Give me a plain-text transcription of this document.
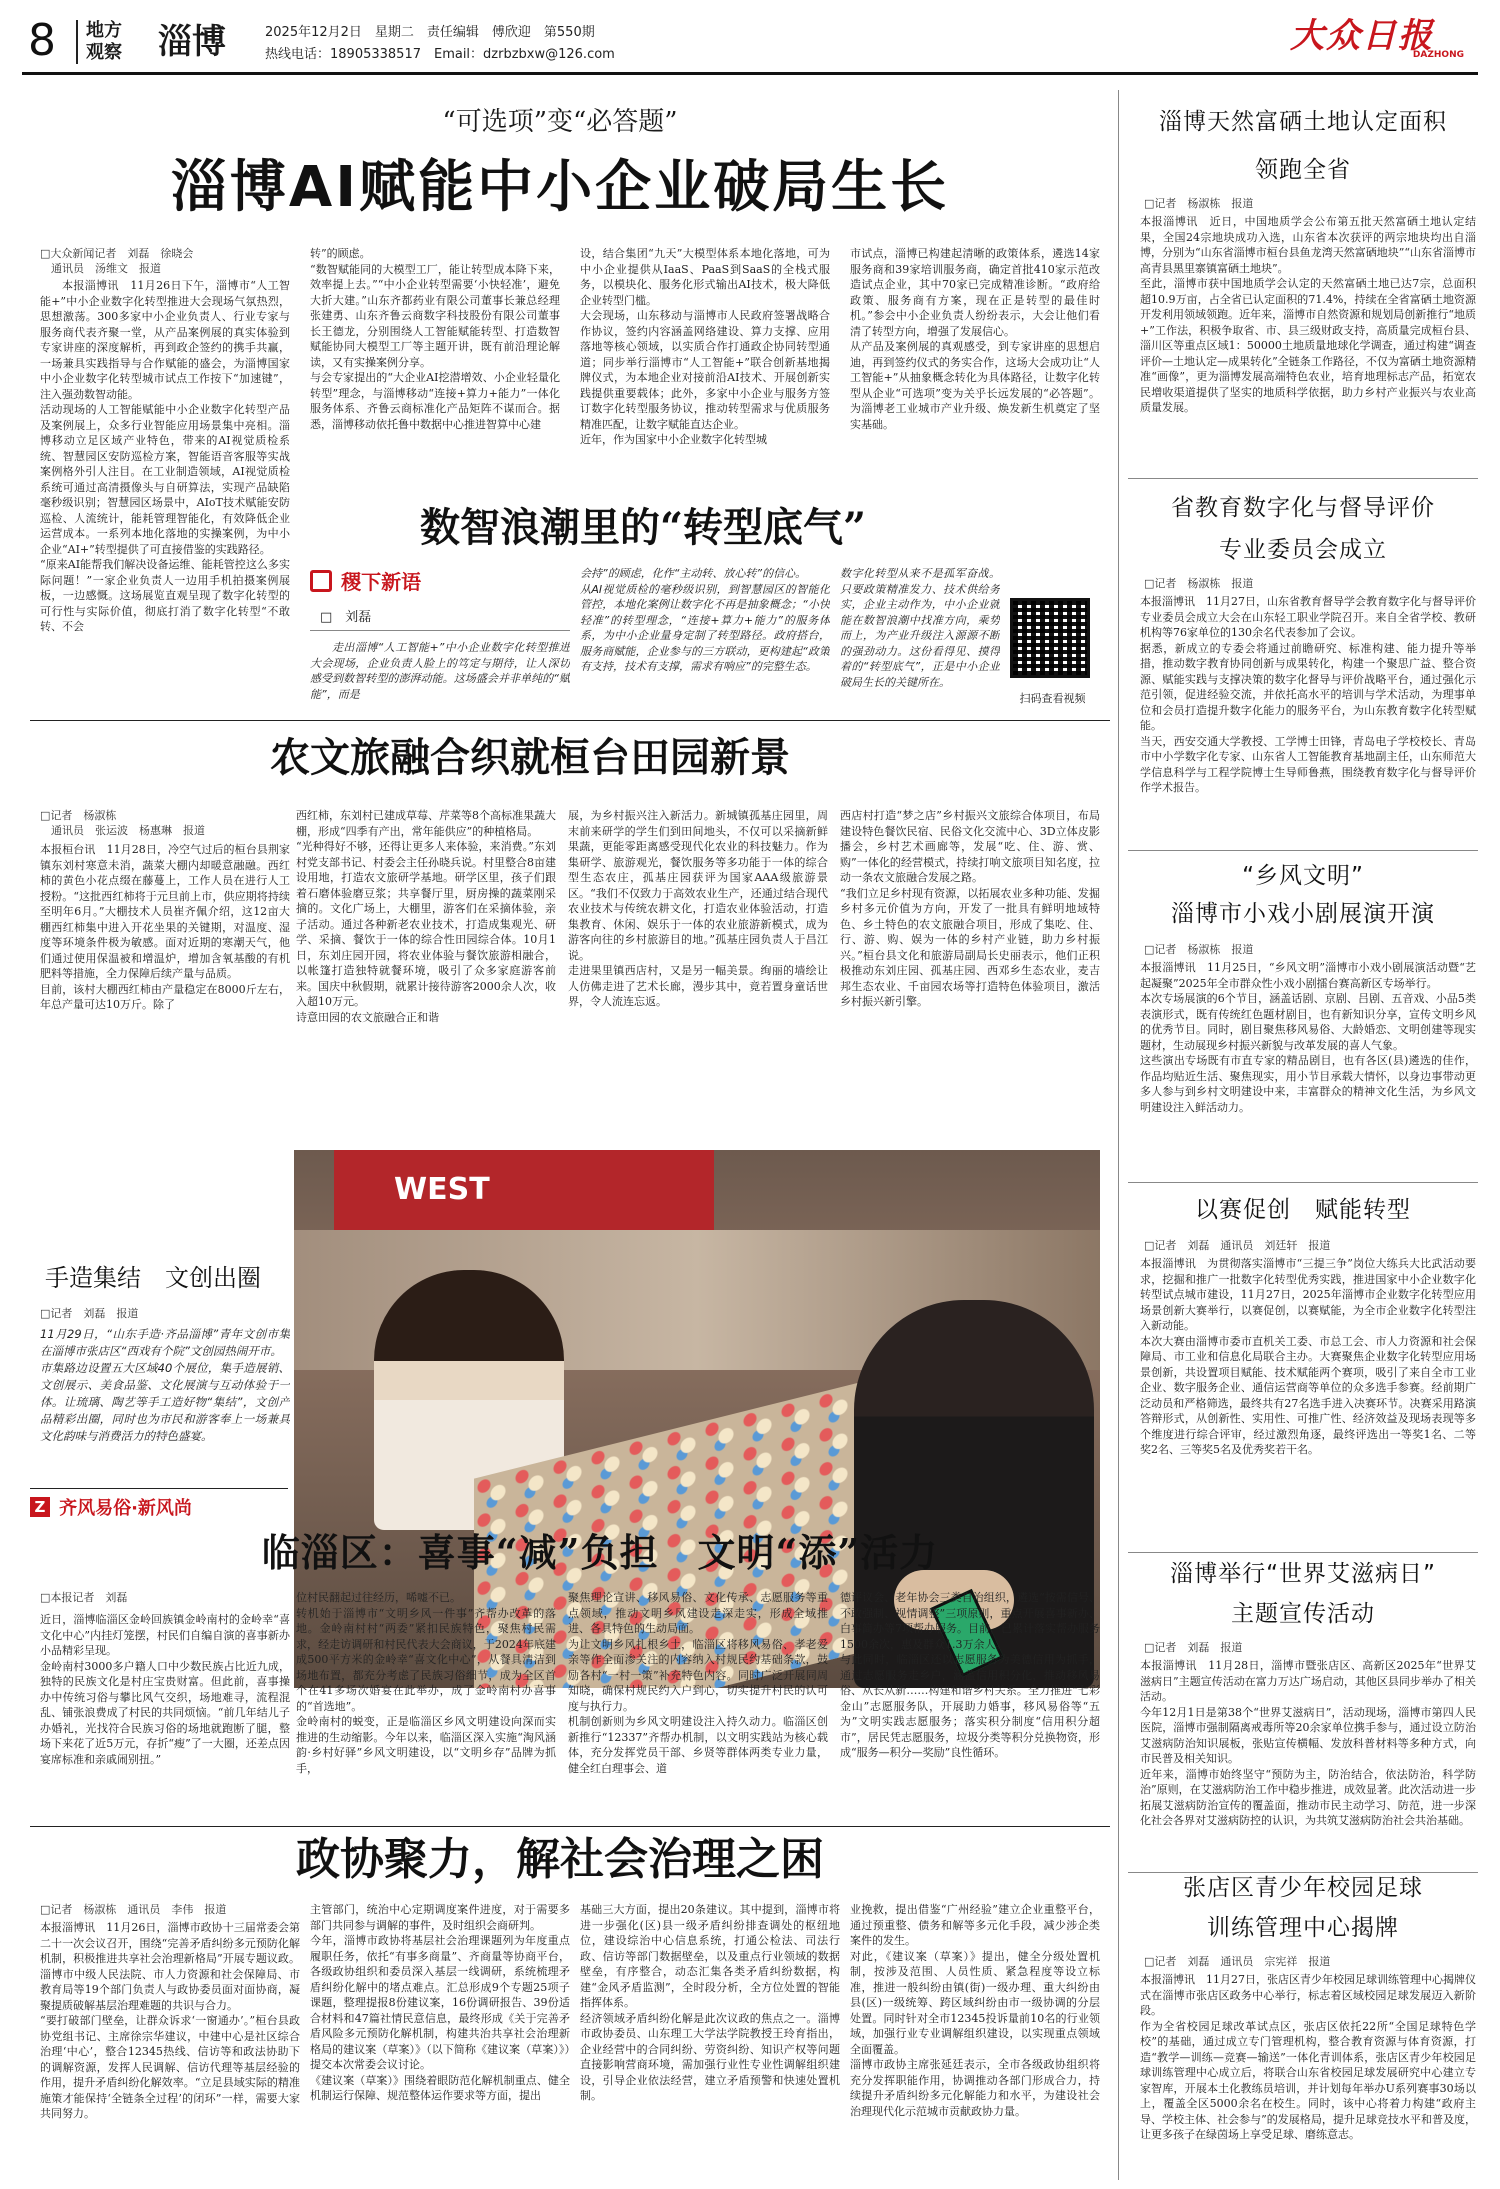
8 地方
观察 淄博	2025年12月2日　星期二　责任编辑　傅欣迎　第550期
热线电话：18905338517　Email：dzrbzbxw@126.com	大众日报
DAZHONG
“可选项”变“必答题”
淄博AI赋能中小企业破局生长
□大众新闻记者　刘磊　徐晓会
　通讯员　汤维文　报道
本报淄博讯　11月26日下午，淄博市“人工智能+”中小企业数字化转型推进大会现场气氛热烈，思想激荡。300多家中小企业负责人、行业专家与服务商代表齐聚一堂，从产品案例展的真实体验到专家讲座的深度解析，再到政企签约的携手共赢，一场兼具实践指导与合作赋能的盛会，为淄博国家中小企业数字化转型城市试点工作按下“加速键”，注入强劲数智动能。
活动现场的人工智能赋能中小企业数字化转型产品及案例展上，众多行业智能应用场景集中亮相。淄博移动立足区域产业特色，带来的AI视觉质检系统、智慧园区安防巡检方案，智能语音客服等实战案例格外引人注目。在工业制造领域，AI视觉质检系统可通过高清摄像头与自研算法，实现产品缺陷毫秒级识别；智慧园区场景中，AIoT技术赋能安防巡检、人流统计，能耗管理智能化，有效降低企业运营成本。一系列本地化落地的实操案例，为中小企业“AI+”转型提供了可直接借鉴的实践路径。
“原来AI能帮我们解决设备运维、能耗管控这么多实际问题！”一家企业负责人一边用手机拍摄案例展板，一边感慨。这场展览直观呈现了数字化转型的可行性与实际价值，彻底打消了数字化转型“不敢转、不会
转”的顾虑。
“数智赋能同的大模型工厂，能让转型成本降下来，效率提上去。”“中小企业转型需要‘小快轻准’，避免大折大建。”山东齐都药业有限公司董事长兼总经理张建勇、山东齐鲁云商数字科技股份有限公司董事长王德龙，分别围绕人工智能赋能转型、打造数智赋能协同大模型工厂等主题开讲，既有前沿理论解读，又有实操案例分享。
与会专家提出的“大企业AI挖潜增效、小企业轻量化转型”理念，与淄博移动“连接+算力+能力”一体化服务体系、齐鲁云商标准化产品矩阵不谋而合。据悉，淄博移动依托鲁中数据中心推进智算中心建
设，结合集团“九天”大模型体系本地化落地，可为中小企业提供从IaaS、PaaS到SaaS的全栈式服务，以模块化、服务化形式输出AI技术，极大降低企业转型门槛。
大会现场，山东移动与淄博市人民政府签署战略合作协议，签约内容涵盖网络建设、算力支撑、应用落地等核心领域，以实质合作打通政企协同转型通道；同步举行淄博市“人工智能+”联合创新基地揭牌仪式，为本地企业对接前沿AI技术、开展创新实践提供重要载体；此外，多家中小企业与服务方签订数字化转型服务协议，推动转型需求与优质服务精准匹配，让数字赋能直达企业。
近年，作为国家中小企业数字化转型城
市试点，淄博已构建起清晰的政策体系，遴选14家服务商和39家培训服务商，确定首批410家示范改造试点企业，其中70家已完成精准诊断。“政府给政策、服务商有方案，现在正是转型的最佳时机。”参会中小企业负责人纷纷表示，大会让他们看清了转型方向，增强了发展信心。
从产品及案例展的真观感受，到专家讲座的思想启迪，再到签约仪式的务实合作，这场大会成功让“人工智能+”从抽象概念转化为具体路径，让数字化转型从企业“可选项”变为关乎长远发展的“必答题”。为淄博老工业城市产业升级、焕发新生机奠定了坚实基础。
数智浪潮里的“转型底气”
稷下新语
□　刘磊
走出淄博“人工智能+”中小企业数字化转型推进大会现场，企业负责人脸上的笃定与期待，让人深切感受到数智转型的澎湃动能。这场盛会并非单纯的“赋能”，而是
会持”的顾虑，化作“主动转、放心转”的信心。
从AI视觉质检的毫秒级识别，到智慧园区的智能化管控，本地化案例让数字化不再是抽象概念；“小快轻准”的转型理念，“连接+算力+能力”的服务体系，为中小企业量身定制了转型路径。政府搭台，服务商赋能，企业参与的三方联动，更构建起“政策有支持，技术有支撑，需求有响应”的完整生态。
数字化转型从来不是孤军奋战。只要政策精准发力、技术供给务实，企业主动作为，中小企业就能在数智浪潮中找准方向，乘势而上，为产业升级注入源源不断的强劲动力。这份看得见、摸得着的“转型底气”，正是中小企业破局生长的关键所在。
扫码查看视频
农文旅融合织就桓台田园新景
□记者　杨淑栋
　通讯员　张运波　杨惠琳　报道
本报桓台讯　11月28日，冷空气过后的桓台县荆家镇东刘村寒意未消，蔬菜大棚内却暖意融融。西红柿的黄色小花点缀在藤蔓上，工作人员在进行人工授粉。“这批西红柿将于元旦前上市，供应期将持续至明年6月。”大棚技术人员崔齐佩介绍，这12亩大棚西红柿集中进入开花坐果的关键期，对温度、湿度等环境条件极为敏感。面对近期的寒潮天气，他们通过使用保温被和增温炉，增加含氧基酸的有机肥料等措施，全力保障后续产量与品质。
目前，该村大棚西红柿由产量稳定在8000斤左右，年总产量可达10万斤。除了
西红柿，东刘村已建成草莓、芹菜等8个高标准果蔬大棚，形成“四季有产出，常年能供应”的种植格局。
“光种得好不够，还得让更多人来体验，来消费。”东刘村党支部书记、村委会主任孙晓兵说。村里整合8亩建设用地，打造农文旅研学基地。研学区里，孩子们跟着石磨体验磨豆浆；共享餐厅里，厨房操的蔬菜刚采摘的。文化广场上，大棚里，游客们在采摘体验，亲子活动。通过各种新老农业技术，打造成集观光、研学、采摘、餐饮于一体的综合性田园综合体。10月1日，东刘庄园开园，将农业体验与餐饮旅游相融合，以帐篷打造独特就餐环境，吸引了众多家庭游客前来。国庆中秋假期，就累计接待游客2000余人次，收入超10万元。
诗意田园的农文旅融合正和谐
展，为乡村振兴注入新活力。新城镇孤基庄园里，周末前来研学的学生们到田间地头，不仅可以采摘新鲜果蔬，更能零距离感受现代化农业的科技魅力。作为集研学、旅游观光，餐饮服务等多功能于一体的综合型生态农庄，孤基庄园获评为国家AAA级旅游景区。“我们不仅致力于高效农业生产，还通过结合现代农业技术与传统农耕文化，打造农业体验活动，打造集教育、休闲、娱乐于一体的农业旅游新模式，成为游客向往的乡村旅游目的地。”孤基庄园负责人于昌江说。
走进果里镇西店村，又是另一幅美景。绚丽的墙绘让人仿佛走进了艺术长廊，漫步其中，竟若置身童话世界，令人流连忘返。
西店村打造“梦之店”乡村振兴文旅综合体项目，布局建设特色餐饮民宿、民俗文化交流中心、3D立体皮影播会，乡村艺术画廊等，发展“吃、住、游、赏、购”一体化的经营模式，持续打响文旅项目知名度，拉动一条农文旅融合发展之路。
“我们立足乡村现有资源，以拓展农业多种功能、发掘乡村多元价值为方向，开发了一批具有鲜明地域特色、乡土特色的农文旅融合项目，形成了集吃、住、行、游、购、娱为一体的乡村产业链，助力乡村振兴。”桓台县文化和旅游局副局长史丽表示，他们正积极推动东刘庄园、孤基庄园、西邓乡生态农业，麦吉邦生态农业、千亩园农场等打造特色体验项目，激活乡村振兴新引擎。
WEST
手造集结　文创出圈
□记者　刘磊　报道
11月29日，“山东手造·齐品淄博”青年文创市集在淄博市张店区“西戏有个院”文创园热闹开市。
市集路边设置五大区域40个展位，集手造展销、文创展示、美食品鉴、文化展演与互动体验于一体。让琉璃、陶艺等手工造好物“集结”，文创产品精彩出圈，同时也为市民和游客奉上一场兼具文化韵味与消费活力的特色盛宴。
Z 齐风易俗·新风尚
临淄区：喜事“减”负担　文明“添”活力
□本报记者　刘磊
近日，淄博临淄区金岭回族镇金岭南村的金岭幸“喜文化中心”内挂灯笼摆，村民们自编自演的喜事新办小品精彩呈现。
金岭南村3000多户籍人口中少数民族占比近九成，独特的民族文化是村庄宝贵财富。但此前，喜事操办中传统习俗与攀比风气交织，场地难寻，流程混乱、铺张浪费成了村民的共同烦恼。“前几年结儿子办婚礼，光找符合民族习俗的场地就跑断了腿，整场下来花了近5万元，存折“瘦”了一大圈，还差点因宴席标准和亲戚闹别扭。”
位村民翻起过往经历，唏嘘不已。
转机始于淄博市“文明乡风一件事”齐帮办改革的落地。金岭南村村“两委”紧扣民族特色，聚焦村民需求，经走访调研和村民代表大会商议，于2024年底建成500平方米的金岭幸“喜文化中心”，从餐具清洁到场地布置，都充分考虑了民族习俗细节，成为全区首个在41多场次婚宴在此举办，成了金岭南村办喜事的“首选地”。
金岭南村的蜕变，正是临淄区乡风文明建设向深而实推进的生动缩影。今年以来，临淄区深入实施“淘风涵韵·乡村好驿”乡风文明建设，以“文明乡存”品牌为抓手，
聚焦理论宣讲、移风易俗、文化传承、志愿服务等重点领域，推动文明乡风建设走深走实，形成全域推进、各具特色的生动局面。
为让文明乡风扎根乡土，临淄区将移风易俗、孝老爱亲等作全面渗关注的内容纳入村规民约基础条款，鼓励各村“一村一策”补充特色内容。同时广泛开展同周知晓，确保村规民约入户到心，切实提升村民的认可度与执行力。
机制创新则为乡风文明建设注入持久动力。临淄区创新推行“12337”齐帮办机制，以文明实践站为核心载体，充分发挥党员干部、乡贤等群体两类专业力量，健全红白理事会、道
德评议会、老年协会三类自治组织，遴选“按需信号、不敢强制、视情调整”三项原则，重点开展喜事新办、白事简办等7项帮办服务。目前，已累计落实帮办服务1500余次，惠及群众1.3万余人。
与此同时，临淄区还以志愿服务为美德信用为抓手，通过志愿服务走乡户，涵盖信用积分化，推动移风易俗、从长从新……构建和谐乡村关系。全力推进“七彩金山”志愿服务队，开展助力婚事，移风易俗等“五为”文明实践志愿服务；落实积分制度“信用积分超市”，居民凭志愿服务，垃圾分类等积分兑换物资，形成“服务—积分—奖励”良性循环。
政协聚力，解社会治理之困
□记者　杨淑栋　通讯员　李伟　报道
本报淄博讯　11月26日，淄博市政协十三届常委会第二十一次会议召开，围绕“完善矛盾纠纷多元预防化解机制，积极推进共享社会治理新格局”开展专题议政。淄博市中级人民法院、市人力资源和社会保障局、市教育局等19个部门负责人与政协委员面对面协商，凝聚提质破解基层治理难题的共识与合力。
“要打破部门壁垒，让群众诉求‘一窗通办’。”桓台县政协党组书记、主席徐宗华建议，中建中心是社区综合治理‘中心’，整合12345热线、信访等和政法协助下的调解资源，发挥人民调解、信访代理等基层经验的作用，提升矛盾纠纷化解效率。“立足县域实际的精准施策才能保持‘全链条全过程’的闭环”一样，需要大家共同努力。
主管部门，统治中心定期调度案件进度，对于需要多部门共同参与调解的事件，及时组织会商研判。
今年，淄博市政协将基层社会治理课题列为年度重点履职任务，依托“有事多商量”、齐商量等协商平台，各级政协组织和委员深入基层一线调研，系统梳理矛盾纠纷化解中的堵点难点。汇总形成9个专题25项子课题，整理提报8份建议案，16份调研报告、39份适合材料和47篇社情民意信息，最终形成《关于完善矛盾风险多元预防化解机制，构建共治共享社会治理新格局的建议案（草案）》（以下简称《建议案（草案）》）提交本次常委会议讨论。
《建议案（草案）》围绕着眼防范化解机制重点、健全机制运行保障、规范整体运作要求等方面，提出
基础三大方面，提出20条建议。其中提到，淄博市将进一步强化(区)县一级矛盾纠纷排查调处的枢纽地位，建设综治中心信息系统，打通公检法、司法行政、信访等部门数据壁垒，以及重点行业领域的数据壁垒，有序整合，动态汇集各类矛盾纠纷数据，构建“金风矛盾监测”，全时段分析，全方位处置的智能指挥体系。
经济领域矛盾纠纷化解是此次议政的焦点之一。淄博市政协委员、山东理工大学法学院教授王玲育指出，企业经营中的合同纠纷、劳资纠纷、知识产权等问题直接影响营商环境，需加强行业性专业性调解组织建设，引导企业依法经营，建立矛盾预警和快速处置机制。
业挽救，提出借鉴“广州经验”建立企业重整平台，通过预重整、债务和解等多元化手段，减少涉企类案件的发生。
对此，《建议案（草案）》提出，健全分级处置机制，按涉及范围、人员性质、紧急程度等设立标准，推进一般纠纷由镇(街)一级办理、重大纠纷由县(区)一级统筹、跨区域纠纷由市一级协调的分层处置。同时针对全市12345投诉量前10名的行业领域，加强行业专业调解组织建设，以实现重点领域全面覆盖。
淄博市政协主席张延廷表示，全市各级政协组织将充分发挥职能作用，协调推动各部门形成合力，持续提升矛盾纠纷多元化解能力和水平，为建设社会治理现代化示范城市贡献政协力量。
淄博天然富硒土地认定面积
领跑全省
□记者　杨淑栋　报道
本报淄博讯　近日，中国地质学会公布第五批天然富硒土地认定结果，全国24宗地块成功入选，山东省本次获评的两宗地块均出自淄博，分别为“山东省淄博市桓台县鱼龙湾天然富硒地块”“山东省淄博市高青县黑里寨镇富硒土地块”。
至此，淄博市获中国地质学会认定的天然富硒土地已达7宗，总面积超10.9万亩，占全省已认定面积的71.4%，持续在全省富硒土地资源开发利用领域领跑。近年来，淄博市自然资源和规划局创新推行“地质+”工作法，积极争取省、市、县三级财政支持，高质量完成桓台县、淄川区等重点区域1：50000土地质量地球化学调查，通过构建“调查评价—土地认定—成果转化”全链条工作路径，不仅为富硒土地资源精准“画像”，更为淄博发展高端特色农业，培育地理标志产品，拓宽农民增收渠道提供了坚实的地质科学依据，助力乡村产业振兴与农业高质量发展。
省教育数字化与督导评价
专业委员会成立
□记者　杨淑栋　报道
本报淄博讯　11月27日，山东省教育督导学会教育数字化与督导评价专业委员会成立大会在山东轻工职业学院召开。来自全省学校、教研机构等76家单位的130余名代表参加了会议。
据悉，新成立的专委会将通过前瞻研究、标准构建、能力提升等举措，推动数字教育协同创新与成果转化，构建一个聚思广益、整合资源、赋能实践与支撑决策的数字化督导与评价战略平台，通过强化示范引领，促进经验交流，并依托高水平的培训与学术活动，为理事单位和会员打造提升数字化能力的服务平台，为山东教育数字化转型赋能。
当天，西安交通大学教授、工学博士田锋，青岛电子学校校长、青岛市中小学数字化专家、山东省人工智能教育基地副主任，山东师范大学信息科学与工程学院博士生导师鲁燕，围绕教育数字化与督导评价作学术报告。
“乡风文明”
淄博市小戏小剧展演开演
□记者　杨淑栋　报道
本报淄博讯　11月25日，“乡风文明”淄博市小戏小剧展演活动暨“艺起凝聚”2025年全市群众性小戏小剧擂台赛高新区专场举行。
本次专场展演的6个节目，涵盖话剧、京剧、吕剧、五音戏、小品5类表演形式，既有传统红色题材剧目，也有新知识分享，宣传文明乡风的优秀节目。同时，剧目聚焦移风易俗、大龄婚恋、文明创建等现实题材，生动展现乡村振兴新貌与改革发展的喜人气象。
这些演出专场既有市直专家的精品剧目，也有各区(县)遴选的佳作，作品均贴近生活、聚焦现实，用小节目承载大情怀，以身边事带动更多人参与到乡村文明建设中来，丰富群众的精神文化生活，为乡风文明建设注入鲜活动力。
以赛促创　赋能转型
□记者　刘磊　通讯员　刘廷轩　报道
本报淄博讯　为贯彻落实淄博市“三提三争”岗位大练兵大比武活动要求，挖掘和推广一批数字化转型优秀实践，推进国家中小企业数字化转型试点城市建设，11月27日，2025年淄博市企业数字化转型应用场景创新大赛举行，以赛促创，以赛赋能，为全市企业数字化转型注入新动能。
本次大赛由淄博市委市直机关工委、市总工会、市人力资源和社会保障局、市工业和信息化局联合主办。大赛聚焦企业数字化转型应用场景创新，共设置项目赋能、技术赋能两个赛项，吸引了来自全市工业企业、数字服务企业、通信运营商等单位的众多选手参赛。经前期广泛动员和严格筛选，最终共有27名选手进入决赛环节。决赛采用路演答辩形式，从创新性、实用性、可推广性、经济效益及现场表现等多个维度进行综合评审，经过激烈角逐，最终评选出一等奖1名、二等奖2名、三等奖5名及优秀奖若干名。
淄博举行“世界艾滋病日”
主题宣传活动
□记者　刘磊　报道
本报淄博讯　11月28日，淄博市暨张店区、高新区2025年“世界艾滋病日”主题宣传活动在富力万达广场启动，其他区县同步举办了相关活动。
今年12月1日是第38个“世界艾滋病日”，活动现场，淄博市第四人民医院，淄博市强制隔离戒毒所等20余家单位携手参与，通过设立防治艾滋病防治知识展板，张贴宣传横幅、发放科普材料等多种方式，向市民普及相关知识。
近年来，淄博市始终坚守“预防为主，防治结合，依法防治，科学防治”原则，在艾滋病防治工作中稳步推进，成效显著。此次活动进一步拓展艾滋病防治宣传的覆盖面，推动市民主动学习、防范，进一步深化社会各界对艾滋病防控的认识，为共筑艾滋病防治社会共治基础。
张店区青少年校园足球
训练管理中心揭牌
□记者　刘磊　通讯员　宗宪祥　报道
本报淄博讯　11月27日，张店区青少年校园足球训练管理中心揭牌仪式在淄博市张店区政务中心举行，标志着区域校园足球发展迈入新阶段。
作为全省校园足球改革试点区，张店区依托22所“全国足球特色学校”的基础，通过成立专门管理机构，整合教育资源与体育资源，打造“教学—训练—竞赛—输送”一体化青训体系，张店区青少年校园足球训练管理中心成立后，将联合山东省校园足球发展研究中心建立专家智库，开展本土化教练员培训，并计划每年举办U系列赛事30场以上，覆盖全区5000余名在校生。同时，该中心将着力构建“政府主导、学校主体、社会参与”的发展格局，提升足球竞技水平和普及度，让更多孩子在绿茵场上享受足球、磨练意志。
